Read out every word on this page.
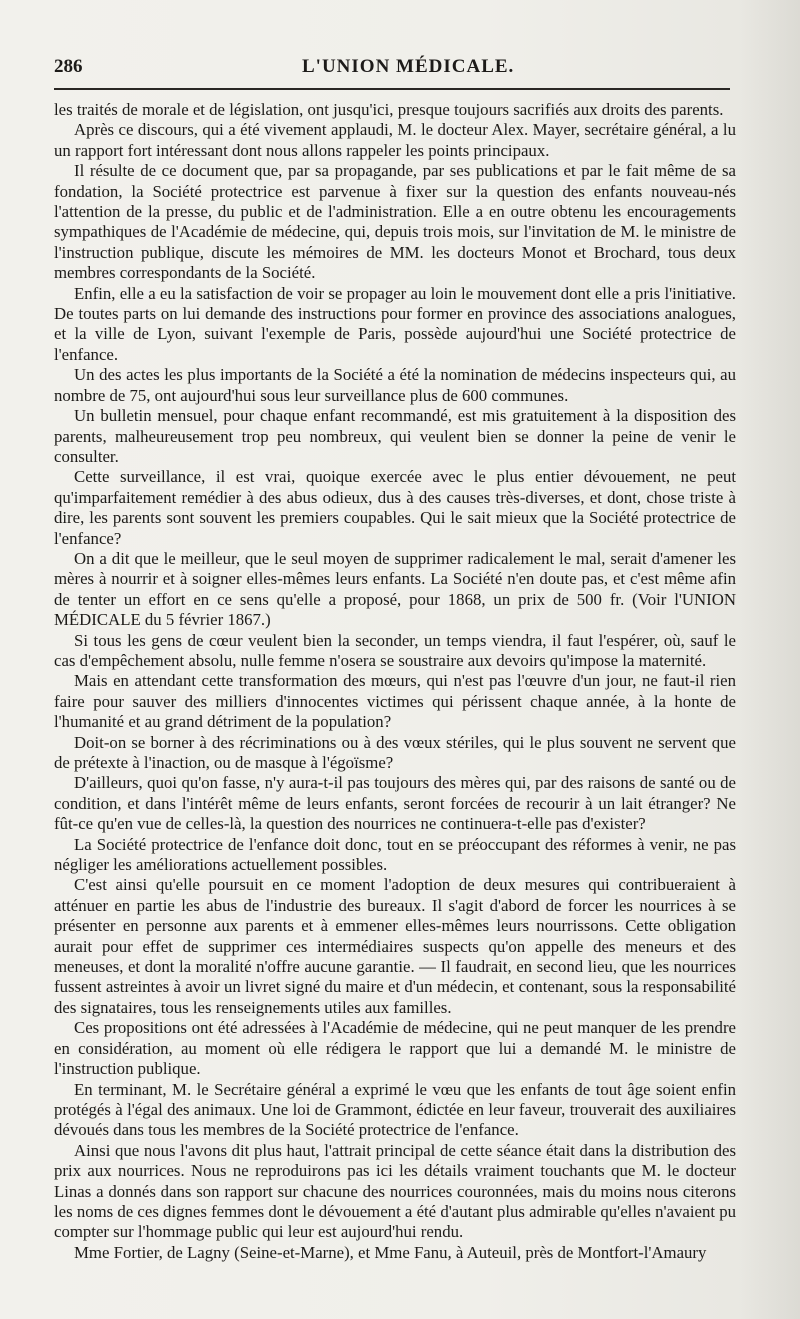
286	L'UNION MÉDICALE.

les traités de morale et de législation, ont jusqu'ici, presque toujours sacrifiés aux droits des parents.

Après ce discours, qui a été vivement applaudi, M. le docteur Alex. Mayer, secrétaire général, a lu un rapport fort intéressant dont nous allons rappeler les points principaux.

Il résulte de ce document que, par sa propagande, par ses publications et par le fait même de sa fondation, la Société protectrice est parvenue à fixer sur la question des enfants nouveau-nés l'attention de la presse, du public et de l'administration. Elle a en outre obtenu les encouragements sympathiques de l'Académie de médecine, qui, depuis trois mois, sur l'invitation de M. le ministre de l'instruction publique, discute les mémoires de MM. les docteurs Monot et Brochard, tous deux membres correspondants de la Société.

Enfin, elle a eu la satisfaction de voir se propager au loin le mouvement dont elle a pris l'initiative. De toutes parts on lui demande des instructions pour former en province des associations analogues, et la ville de Lyon, suivant l'exemple de Paris, possède aujourd'hui une Société protectrice de l'enfance.

Un des actes les plus importants de la Société a été la nomination de médecins inspecteurs qui, au nombre de 75, ont aujourd'hui sous leur surveillance plus de 600 communes.

Un bulletin mensuel, pour chaque enfant recommandé, est mis gratuitement à la disposition des parents, malheureusement trop peu nombreux, qui veulent bien se donner la peine de venir le consulter.

Cette surveillance, il est vrai, quoique exercée avec le plus entier dévouement, ne peut qu'imparfaitement remédier à des abus odieux, dus à des causes très-diverses, et dont, chose triste à dire, les parents sont souvent les premiers coupables. Qui le sait mieux que la Société protectrice de l'enfance?

On a dit que le meilleur, que le seul moyen de supprimer radicalement le mal, serait d'amener les mères à nourrir et à soigner elles-mêmes leurs enfants. La Société n'en doute pas, et c'est même afin de tenter un effort en ce sens qu'elle a proposé, pour 1868, un prix de 500 fr. (Voir l'UNION MÉDICALE du 5 février 1867.)

Si tous les gens de cœur veulent bien la seconder, un temps viendra, il faut l'espérer, où, sauf le cas d'empêchement absolu, nulle femme n'osera se soustraire aux devoirs qu'impose la maternité.

Mais en attendant cette transformation des mœurs, qui n'est pas l'œuvre d'un jour, ne faut-il rien faire pour sauver des milliers d'innocentes victimes qui périssent chaque année, à la honte de l'humanité et au grand détriment de la population?

Doit-on se borner à des récriminations ou à des vœux stériles, qui le plus souvent ne servent que de prétexte à l'inaction, ou de masque à l'égoïsme?

D'ailleurs, quoi qu'on fasse, n'y aura-t-il pas toujours des mères qui, par des raisons de santé ou de condition, et dans l'intérêt même de leurs enfants, seront forcées de recourir à un lait étranger? Ne fût-ce qu'en vue de celles-là, la question des nourrices ne continuera-t-elle pas d'exister?

La Société protectrice de l'enfance doit donc, tout en se préoccupant des réformes à venir, ne pas négliger les améliorations actuellement possibles.

C'est ainsi qu'elle poursuit en ce moment l'adoption de deux mesures qui contribueraient à atténuer en partie les abus de l'industrie des bureaux. Il s'agit d'abord de forcer les nourrices à se présenter en personne aux parents et à emmener elles-mêmes leurs nourrissons. Cette obligation aurait pour effet de supprimer ces intermédiaires suspects qu'on appelle des meneurs et des meneuses, et dont la moralité n'offre aucune garantie. — Il faudrait, en second lieu, que les nourrices fussent astreintes à avoir un livret signé du maire et d'un médecin, et contenant, sous la responsabilité des signataires, tous les renseignements utiles aux familles.

Ces propositions ont été adressées à l'Académie de médecine, qui ne peut manquer de les prendre en considération, au moment où elle rédigera le rapport que lui a demandé M. le ministre de l'instruction publique.

En terminant, M. le Secrétaire général a exprimé le vœu que les enfants de tout âge soient enfin protégés à l'égal des animaux. Une loi de Grammont, édictée en leur faveur, trouverait des auxiliaires dévoués dans tous les membres de la Société protectrice de l'enfance.

Ainsi que nous l'avons dit plus haut, l'attrait principal de cette séance était dans la distribution des prix aux nourrices. Nous ne reproduirons pas ici les détails vraiment touchants que M. le docteur Linas a donnés dans son rapport sur chacune des nourrices couronnées, mais du moins nous citerons les noms de ces dignes femmes dont le dévouement a été d'autant plus admirable qu'elles n'avaient pu compter sur l'hommage public qui leur est aujourd'hui rendu.

Mme Fortier, de Lagny (Seine-et-Marne), et Mme Fanu, à Auteuil, près de Montfort-l'Amaury
